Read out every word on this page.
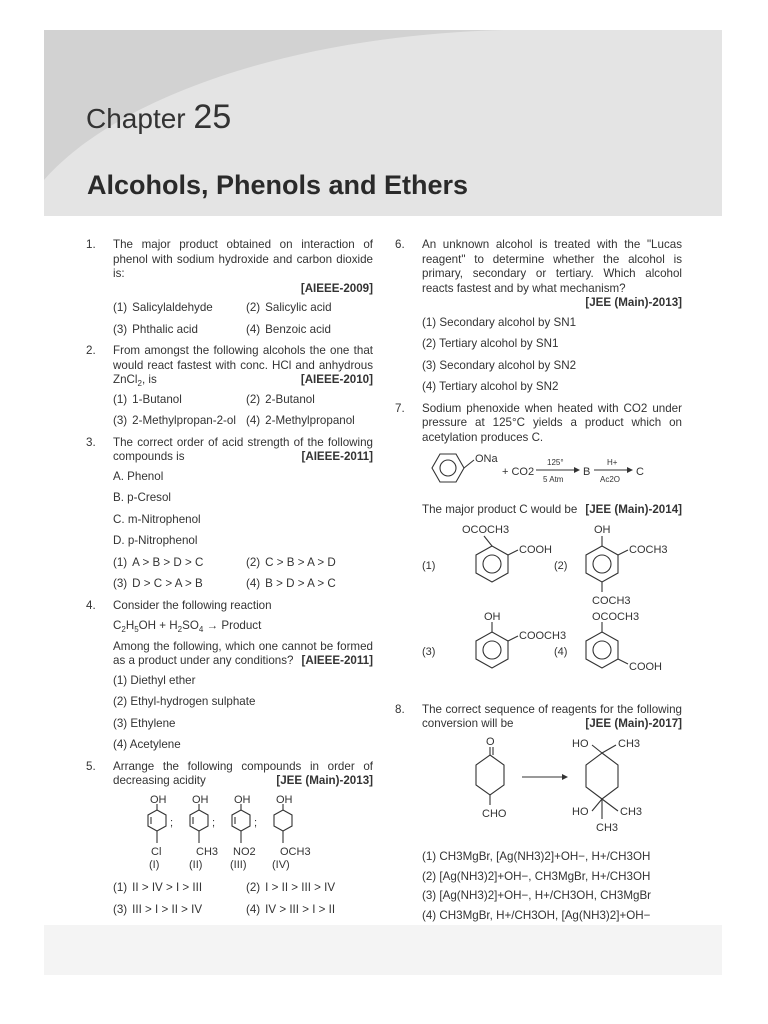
Chapter 25
Alcohols, Phenols and Ethers
1. The major product obtained on interaction of phenol with sodium hydroxide and carbon dioxide is:
[AIEEE-2009]
(1) Salicylaldehyde	(2) Salicylic acid
(3) Phthalic acid	(4) Benzoic acid
2. From amongst the following alcohols the one that would react fastest with conc. HCl and anhydrous ZnCl$_2$, is	[AIEEE-2010]
(1) 1-Butanol	(2) 2-Butanol
(3) 2-Methylpropan-2-ol (4) 2-Methylpropanol
3. The correct order of acid strength of the following compounds is	[AIEEE-2011]
A. Phenol
B. p-Cresol
C. m-Nitrophenol
D. p-Nitrophenol
(1) A > B > D > C	(2) C > B > A > D
(3) D > C > A > B	(4) B > D > A > C
4. Consider the following reaction
$C_2H_5OH + H_2SO_4$ → Product
Among the following, which one cannot be formed as a product under any conditions? [AIEEE-2011]
(1) Diethyl ether
(2) Ethyl-hydrogen sulphate
(3) Ethylene
(4) Acetylene
5. Arrange the following compounds in order of decreasing acidity	[JEE (Main)-2013]
OH OH OH OH
Cl	CH3 NO2 OCH3
(I)	(II)	(III) (IV)
;	;	;
(1) II > IV > I > III	(2) I > II > III > IV
(3) III > I > II > IV	(4) IV > III > I > II
6. An unknown alcohol is treated with the "Lucas reagent" to determine whether the alcohol is primary, secondary or tertiary. Which alcohol reacts fastest and by what mechanism?
[JEE (Main)-2013]
(1) Secondary alcohol by SN1
(2) Tertiary alcohol by SN1
(3) Secondary alcohol by SN2
(4) Tertiary alcohol by SN2
7. Sodium phenoxide when heated with CO2 under pressure at 125°C yields a product which on acetylation produces C.
ONa
+ CO2
125°
5 Atm
B
H+
Ac2O
C
The major product C would be [JEE (Main)-2014]
(1)	(2)
(3)	(4)
OCOCH3
COOH
OH
COCH3
COCH3
OH
COOCH3
OCOCH3
COOH
8. The correct sequence of reagents for the following conversion will be	[JEE (Main)-2017]
O
CHO
HO	CH3
HO	CH3
CH3
(1) CH3MgBr, [Ag(NH3)2]+OH−, H+/CH3OH
(2) [Ag(NH3)2]+OH−, CH3MgBr, H+/CH3OH
(3) [Ag(NH3)2]+OH−, H+/CH3OH, CH3MgBr
(4) CH3MgBr, H+/CH3OH, [Ag(NH3)2]+OH−
